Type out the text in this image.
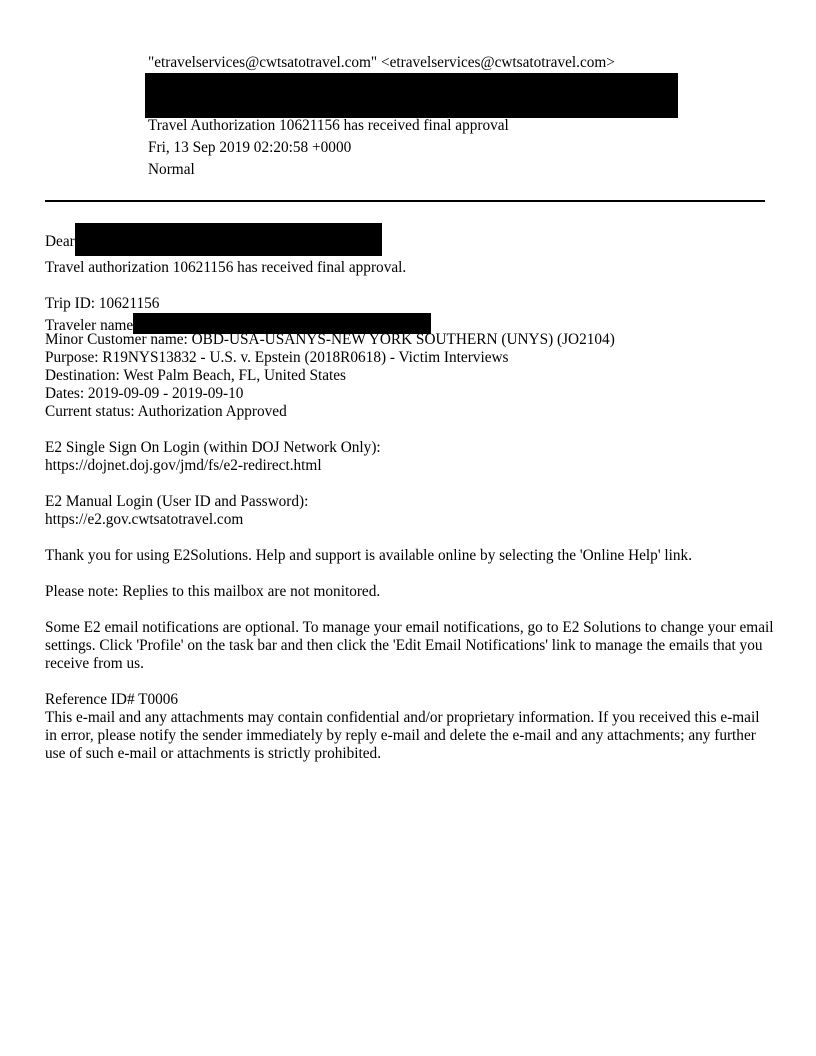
"etravelservices@cwtsatotravel.com" <etravelservices@cwtsatotravel.com>
Travel Authorization 10621156 has received final approval
Fri, 13 Sep 2019 02:20:58 +0000
Normal
Dear
Travel authorization 10621156 has received final approval.
Trip ID: 10621156
Traveler name
Minor Customer name: OBD-USA-USANYS-NEW YORK SOUTHERN (UNYS) (JO2104)
Purpose: R19NYS13832 - U.S. v. Epstein (2018R0618) - Victim Interviews
Destination: West Palm Beach, FL, United States
Dates: 2019-09-09 - 2019-09-10
Current status: Authorization Approved
E2 Single Sign On Login (within DOJ Network Only):
https://dojnet.doj.gov/jmd/fs/e2-redirect.html
E2 Manual Login (User ID and Password):
https://e2.gov.cwtsatotravel.com
Thank you for using E2Solutions. Help and support is available online by selecting the 'Online Help' link.
Please note: Replies to this mailbox are not monitored.
Some E2 email notifications are optional. To manage your email notifications, go to E2 Solutions to change your email settings. Click 'Profile' on the task bar and then click the 'Edit Email Notifications' link to manage the emails that you receive from us.
Reference ID# T0006
This e-mail and any attachments may contain confidential and/or proprietary information. If you received this e-mail in error, please notify the sender immediately by reply e-mail and delete the e-mail and any attachments; any further use of such e-mail or attachments is strictly prohibited.
